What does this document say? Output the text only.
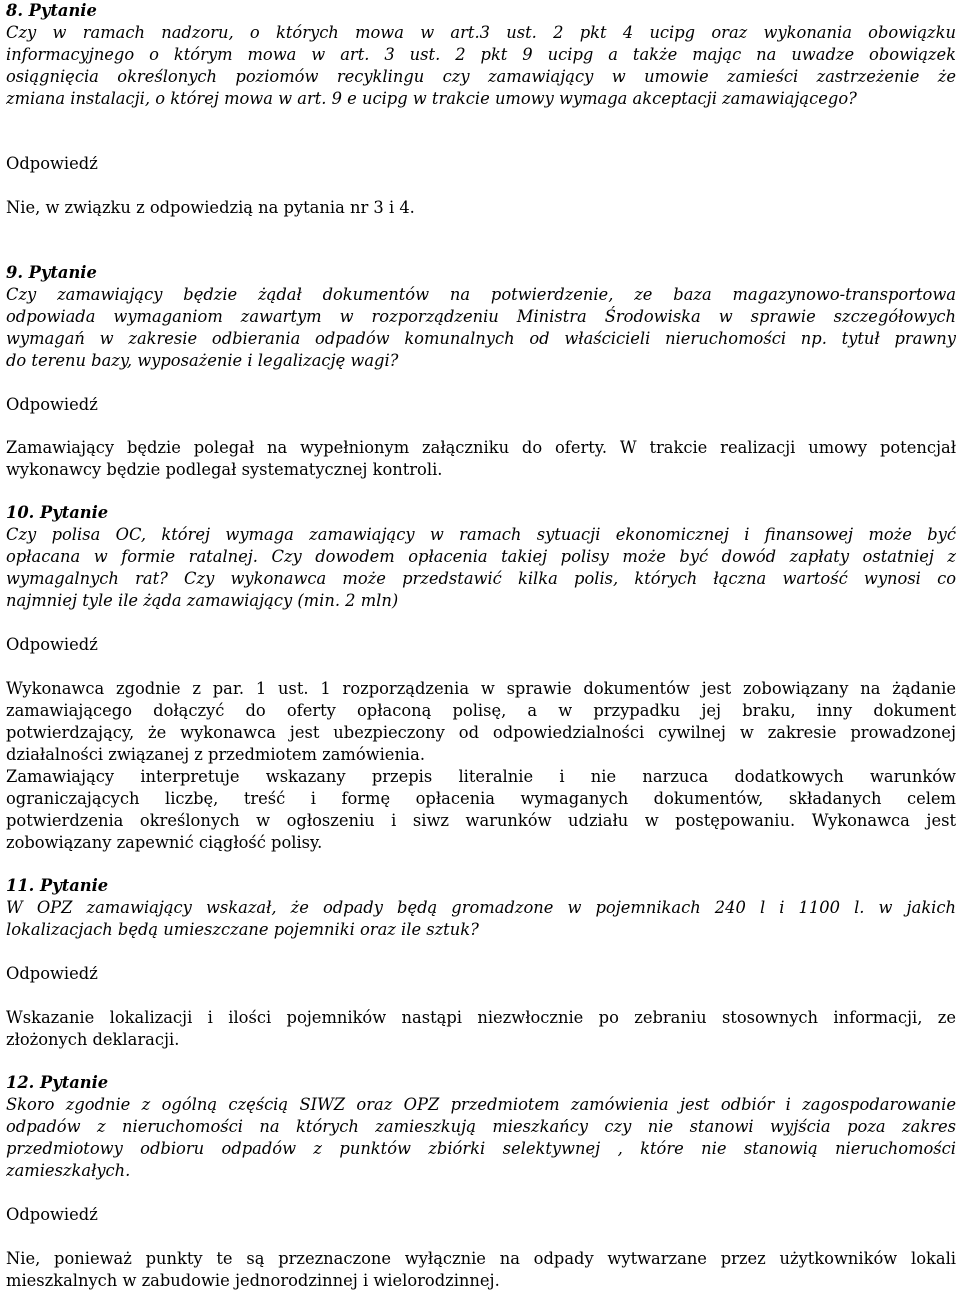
8. Pytanie
Czy w ramach nadzoru, o których mowa w art.3 ust. 2 pkt 4 ucipg oraz wykonania obowiązku
informacyjnego o którym mowa w art. 3 ust. 2 pkt 9 ucipg a także mając na uwadze obowiązek
osiągnięcia określonych poziomów recyklingu czy zamawiający w umowie zamieści zastrzeżenie że
zmiana instalacji, o której mowa w art. 9 e ucipg w trakcie umowy wymaga akceptacji zamawiającego?
Odpowiedź
Nie, w związku z odpowiedzią na pytania nr 3 i 4.
9. Pytanie
Czy zamawiający będzie żądał dokumentów na potwierdzenie, ze baza magazynowo-transportowa
odpowiada wymaganiom zawartym w rozporządzeniu Ministra Środowiska w sprawie szczegółowych
wymagań w zakresie odbierania odpadów komunalnych od właścicieli nieruchomości np. tytuł prawny
do terenu bazy, wyposażenie i legalizację wagi?
Odpowiedź
Zamawiający będzie polegał na wypełnionym załączniku do oferty. W trakcie realizacji umowy potencjał
wykonawcy będzie podlegał systematycznej kontroli.
10. Pytanie
Czy polisa OC, której wymaga zamawiający w ramach sytuacji ekonomicznej i finansowej może być
opłacana w formie ratalnej. Czy dowodem opłacenia takiej polisy może być dowód zapłaty ostatniej z
wymagalnych rat? Czy wykonawca może przedstawić kilka polis, których łączna wartość wynosi co
najmniej tyle ile żąda zamawiający (min. 2 mln)
Odpowiedź
Wykonawca zgodnie z par. 1 ust. 1 rozporządzenia w sprawie dokumentów jest zobowiązany na żądanie
zamawiającego dołączyć do oferty opłaconą polisę, a w przypadku jej braku, inny dokument
potwierdzający, że wykonawca jest ubezpieczony od odpowiedzialności cywilnej w zakresie prowadzonej
działalności związanej z przedmiotem zamówienia.
Zamawiający interpretuje wskazany przepis literalnie i nie narzuca dodatkowych warunków
ograniczających liczbę, treść i formę opłacenia wymaganych dokumentów, składanych celem
potwierdzenia określonych w ogłoszeniu i siwz warunków udziału w postępowaniu. Wykonawca jest
zobowiązany zapewnić ciągłość polisy.
11. Pytanie
W OPZ zamawiający wskazał, że odpady będą gromadzone w pojemnikach 240 l i 1100 l. w jakich
lokalizacjach będą umieszczane pojemniki oraz ile sztuk?
Odpowiedź
Wskazanie lokalizacji i ilości pojemników nastąpi niezwłocznie po zebraniu stosownych informacji, ze
złożonych deklaracji.
12. Pytanie
Skoro zgodnie z ogólną częścią SIWZ oraz OPZ przedmiotem zamówienia jest odbiór i zagospodarowanie
odpadów z nieruchomości na których zamieszkują mieszkańcy czy nie stanowi wyjścia poza zakres
przedmiotowy odbioru odpadów z punktów zbiórki selektywnej , które nie stanowią nieruchomości
zamieszkałych.
Odpowiedź
Nie, ponieważ punkty te są przeznaczone wyłącznie na odpady wytwarzane przez użytkowników lokali
mieszkalnych w zabudowie jednorodzinnej i wielorodzinnej.
